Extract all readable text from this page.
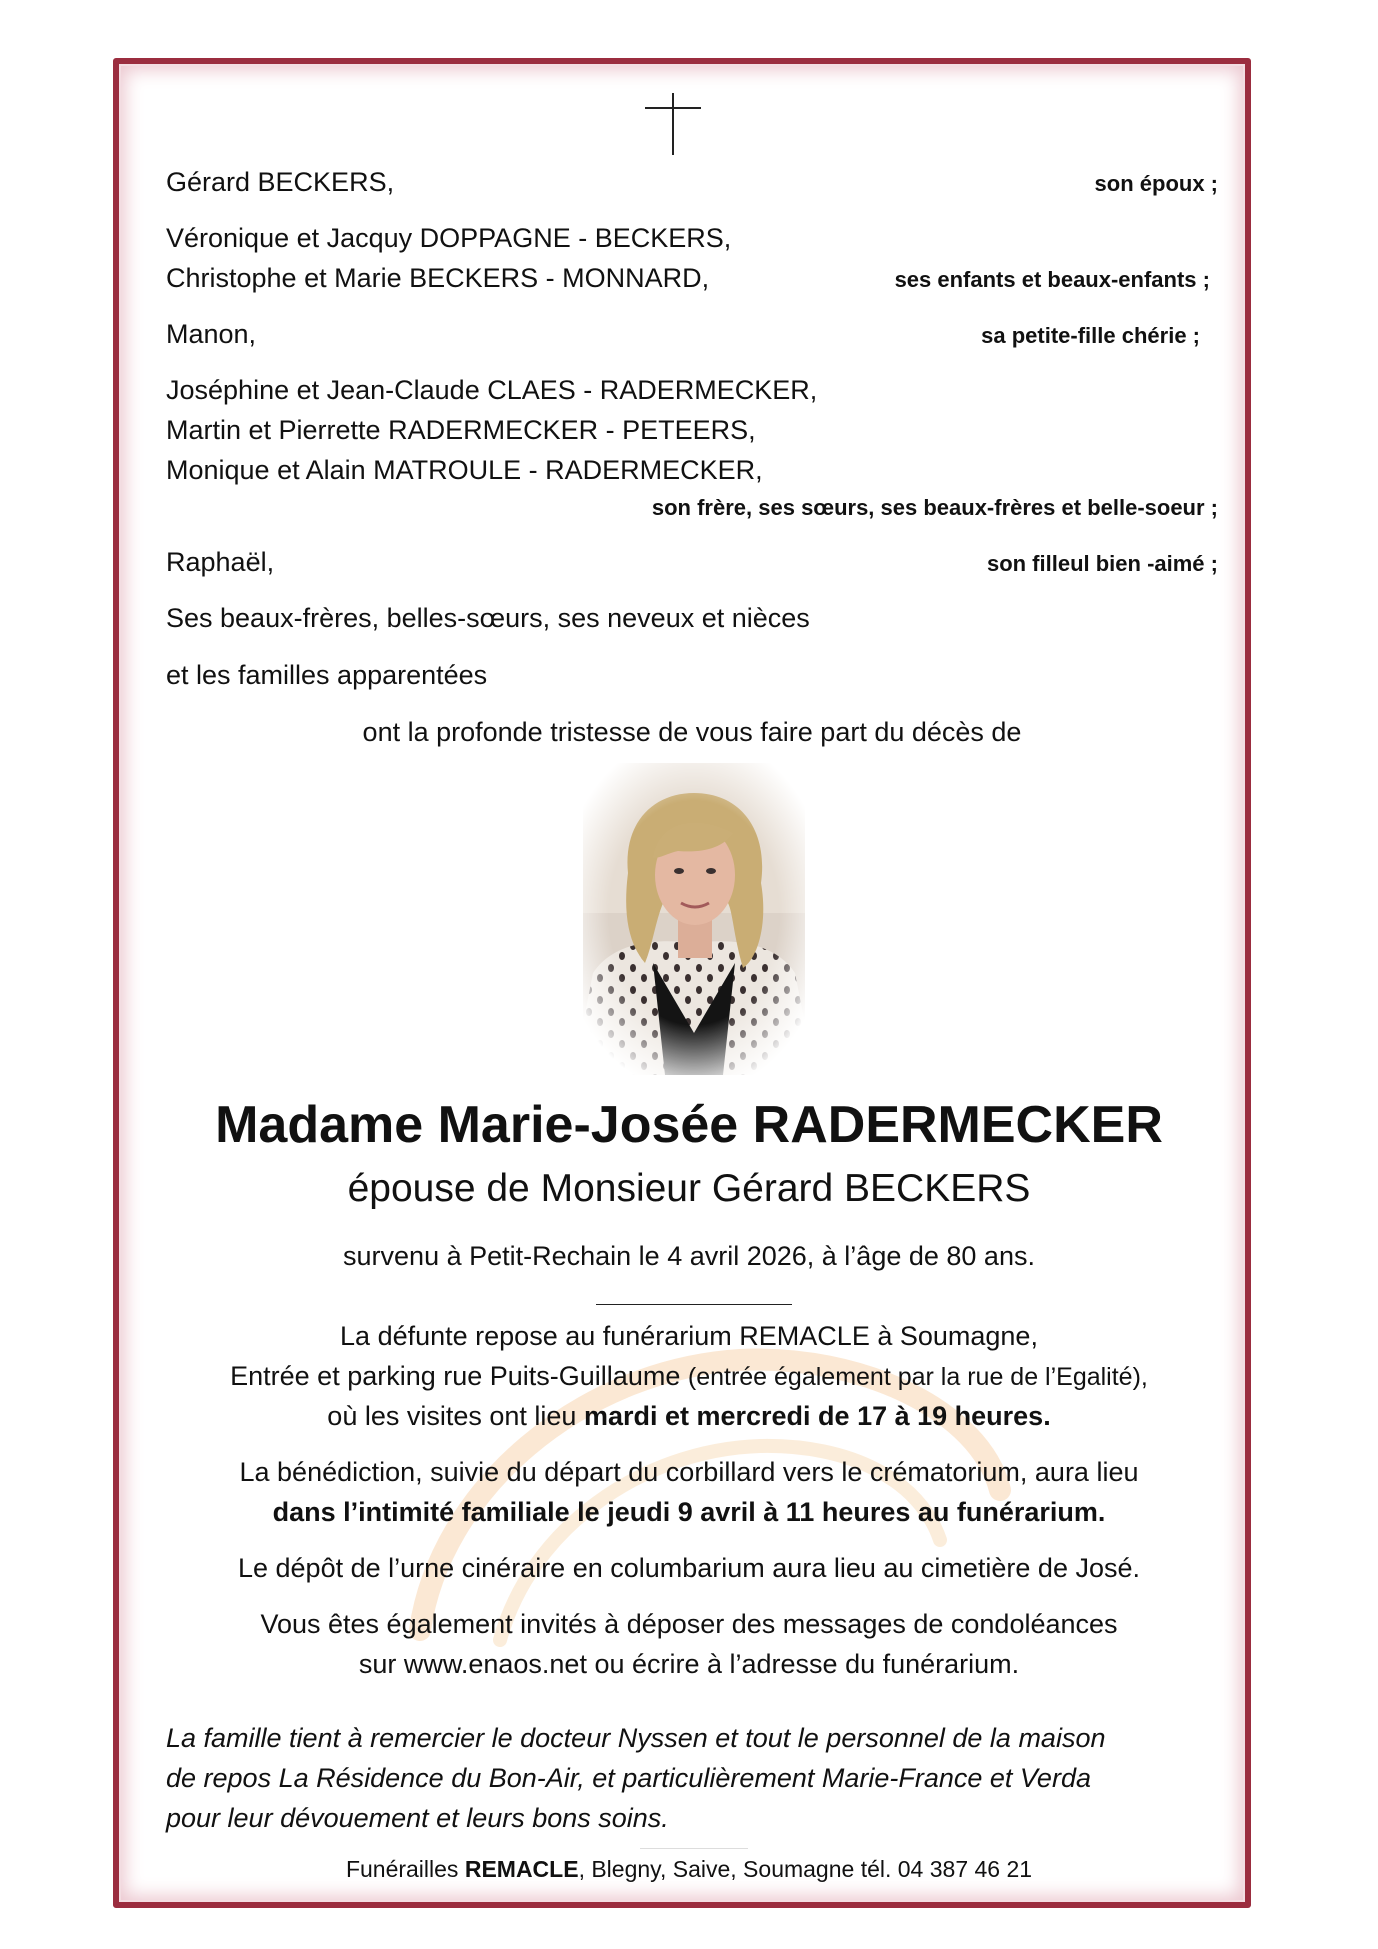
Gérard BECKERS,	son époux ;
Véronique et Jacquy DOPPAGNE - BECKERS,
Christophe et Marie BECKERS - MONNARD,	ses enfants et beaux-enfants ;
Manon,	sa petite-fille chérie ;
Joséphine et Jean-Claude CLAES - RADERMECKER,
Martin et Pierrette RADERMECKER - PETEERS,
Monique et Alain MATROULE - RADERMECKER,
son frère, ses sœurs, ses beaux-frères et belle-soeur ;
Raphaël,	son filleul bien -aimé ;
Ses beaux-frères, belles-sœurs, ses neveux et nièces
et les familles apparentées
ont la profonde tristesse de vous faire part du décès de
Madame Marie-Josée RADERMECKER
épouse de Monsieur Gérard BECKERS
survenu à Petit-Rechain le 4 avril 2026, à l’âge de 80 ans.
La défunte repose au funérarium REMACLE à Soumagne,
Entrée et parking rue Puits-Guillaume (entrée également par la rue de l’Egalité),
où les visites ont lieu mardi et mercredi de 17 à 19 heures.
La bénédiction, suivie du départ du corbillard vers le crématorium, aura lieu
dans l’intimité familiale le jeudi 9 avril à 11 heures au funérarium.
Le dépôt de l’urne cinéraire en columbarium aura lieu au cimetière de José.
Vous êtes également invités à déposer des messages de condoléances
sur www.enaos.net ou écrire à l’adresse du funérarium.
La famille tient à remercier le docteur Nyssen et tout le personnel de la maison
de repos La Résidence du Bon-Air, et particulièrement Marie-France et Verda
pour leur dévouement et leurs bons soins.
Funérailles REMACLE, Blegny, Saive, Soumagne tél. 04 387 46 21
